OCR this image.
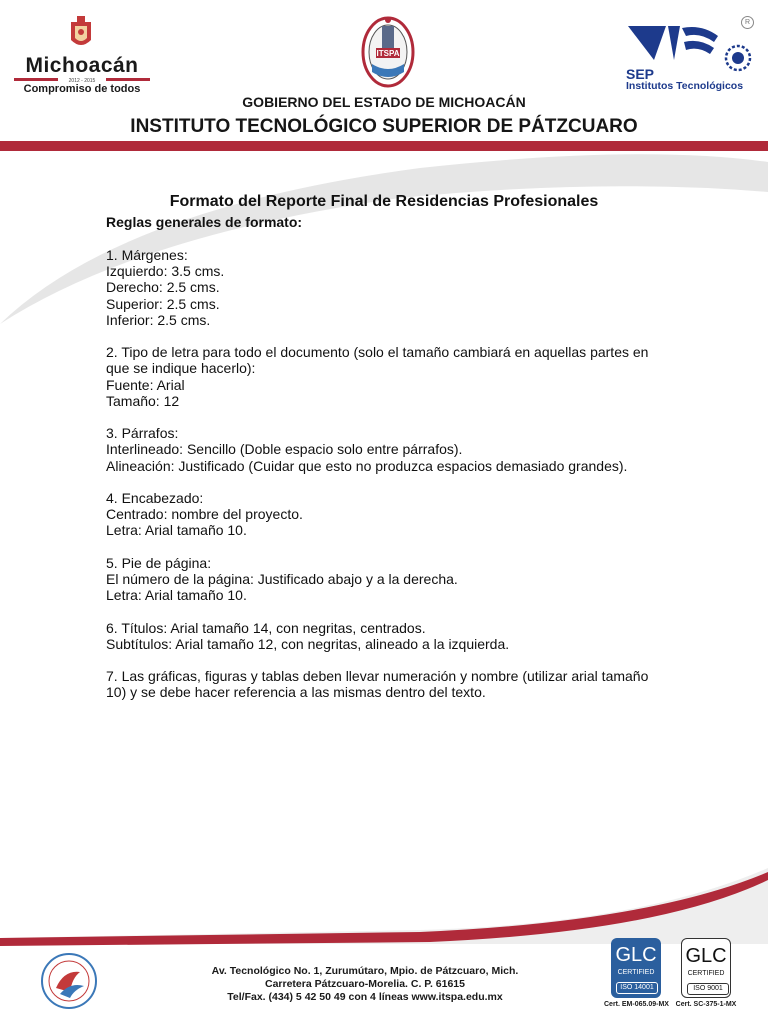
Michoacán
2012 - 2015
Compromiso de todos
ITSPA
R
SEP
Institutos Tecnológicos
GOBIERNO DEL ESTADO DE MICHOACÁN
INSTITUTO TECNOLÓGICO SUPERIOR DE PÁTZCUARO
Formato del Reporte Final de Residencias Profesionales
Reglas generales de formato:
1. Márgenes:
Izquierdo: 3.5 cms.
Derecho: 2.5 cms.
Superior: 2.5 cms.
Inferior: 2.5 cms.
2. Tipo de letra para todo el documento (solo el tamaño cambiará en aquellas partes en que se indique hacerlo):
Fuente: Arial
Tamaño: 12
3. Párrafos:
Interlineado: Sencillo (Doble espacio solo entre párrafos).
Alineación: Justificado (Cuidar que esto no produzca espacios demasiado grandes).
4. Encabezado:
Centrado: nombre del proyecto.
Letra: Arial tamaño 10.
5. Pie de página:
El número de la página: Justificado abajo y a la derecha.
Letra: Arial tamaño 10.
6. Títulos: Arial tamaño 14, con negritas, centrados.
Subtítulos: Arial tamaño 12, con negritas, alineado a la izquierda.
7. Las gráficas, figuras y tablas deben llevar numeración y nombre (utilizar arial tamaño 10) y se debe hacer referencia a las mismas dentro del texto.
Av. Tecnológico No. 1, Zurumútaro, Mpio. de Pátzcuaro, Mich.
Carretera Pátzcuaro-Morelia. C. P. 61615
Tel/Fax. (434) 5 42 50 49 con 4 líneas www.itspa.edu.mx
GLC
CERTIFIED
ISO 14001
Cert. EM-065.09-MX
GLC
CERTIFIED
ISO 9001
Cert. SC-375-1-MX
